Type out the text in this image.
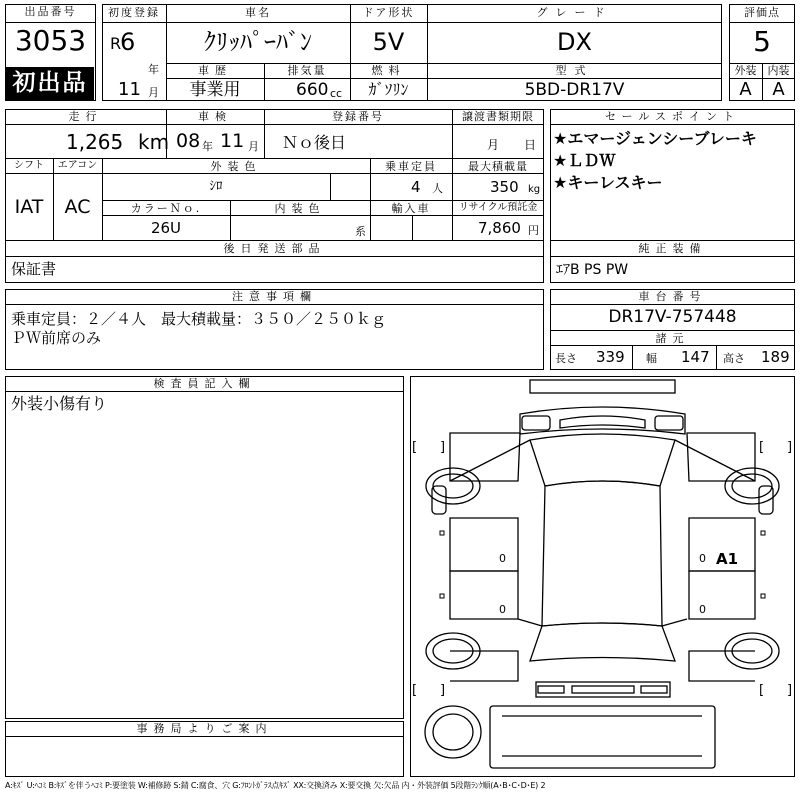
出品番号
3053
初出品
初度登録
R
6
年
11 月
車名
ｸﾘｯﾊﾟｰﾊﾞﾝ
ドア形状
5V
グレード
DX
車歴
事業用
排気量
660 cc
燃料
ｶﾞｿﾘﾝ
型式
5BD-DR17V
評価点
5
外装	内装
A	A
走行
1,265 km
車検
08 年 11 月
登録番号
Ｎｏ後日
譲渡書類期限
月 日
シフト
IAT
エアコン
AC
外装色
ｼﾛ
乗車定員
4 人
最大積載量
350 kg
カラーＮｏ.
26U
内装色
系
輸入車	リサイクル預託金
7,860 円
後日発送部品
保証書
セールスポイント
★エマージェンシーブレーキ
★ＬＤＷ
★キーレスキー
純正装備
ｴｱB PS PW
注意事項欄
乗車定員：２／４人　最大積載量：３５０／２５０ｋｇ
ＰＷ前席のみ
車台番号
DR17V-757448
諸元
長さ 339 幅 147 高さ 189
検査員記入欄
外装小傷有り
事務局よりご案内
[ ]	[ ]
[ ]	[ ]
0	0
0	0
A1
A:ｷｽﾞ U:ﾍｺﾐ B:ｷｽﾞを伴うﾍｺﾐ P:要塗装 W:補修跡 S:錆 C:腐食、穴 G:ﾌﾛﾝﾄｶﾞﾗｽ点ｷｽﾞ XX:交換済み X:要交換 欠:欠品 内・外装評価 5段階ﾗﾝｸ順(A･B･C･D･E) 2
